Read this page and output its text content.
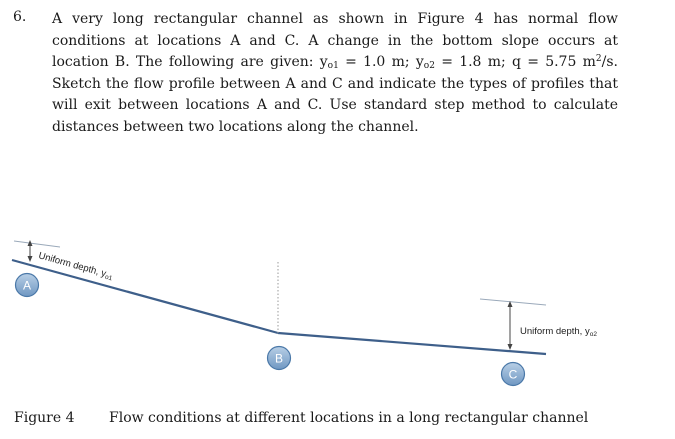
6. A very long rectangular channel as shown in Figure 4 has normal flow conditions at locations A and C. A change in the bottom slope occurs at location B. The following are given: $y_{o1} = 1.0$ m; $y_{o2} = 1.8$ m; q = 5.75 $m^2/s$. Sketch the flow profile between A and C and indicate the types of profiles that will exit between locations A and C. Use standard step method to calculate distances between two locations along the channel.
Uniform depth, $y_{o1}$
Uniform depth, $y_{o2}$
A
B
C
Figure 4 Flow conditions at different locations in a long rectangular channel
